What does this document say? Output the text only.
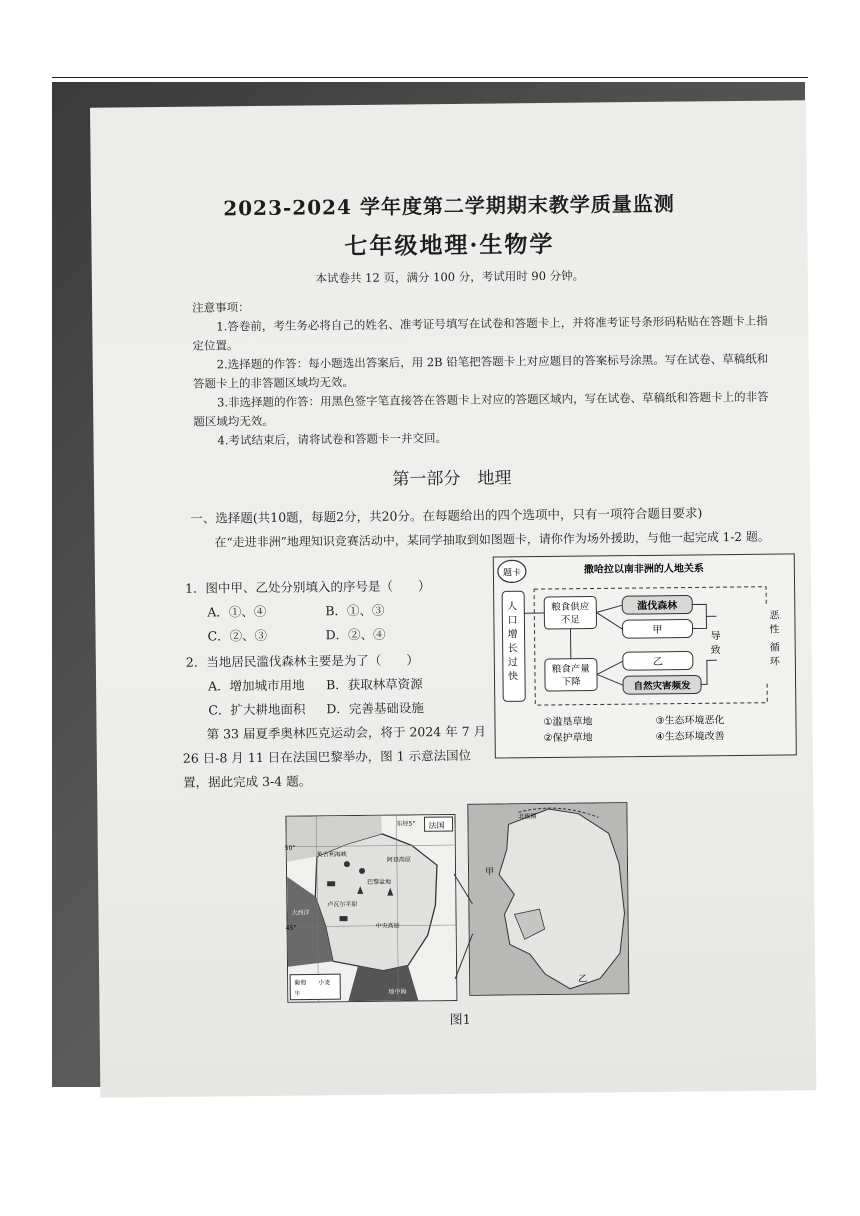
2023-2024 学年度第二学期期末教学质量监测
七年级地理·生物学
本试卷共 12 页，满分 100 分，考试用时 90 分钟。

注意事项：

1.答卷前，考生务必将自己的姓名、准考证号填写在试卷和答题卡上，并将准考证号条形码粘贴在答题卡上指定位置。

2.选择题的作答：每小题选出答案后，用 2B 铅笔把答题卡上对应题目的答案标号涂黑。写在试卷、草稿纸和答题卡上的非答题区域均无效。

3.非选择题的作答：用黑色签字笔直接答在答题卡上对应的答题区域内，写在试卷、草稿纸和答题卡上的非答题区域均无效。

4.考试结束后，请将试卷和答题卡一并交回。

第一部分　地理
一、选择题(共10题，每题2分，共20分。在每题给出的四个选项中，只有一项符合题目要求)

在“走进非洲”地理知识竞赛活动中，某同学抽取到如图题卡，请你作为场外援助，与他一起完成 1-2 题。

1．图中甲、乙处分别填入的序号是（　　）

A．①、④	B．①、③

C．②、③	D．②、④

2．当地居民滥伐森林主要是为了（　　）

A．增加城市用地 B．获取林草资源

C．扩大耕地面积 D．完善基础设施

第 33 届夏季奥林匹克运动会，将于 2024 年 7 月 26 日-8 月 11 日在法国巴黎举办，图 1 示意法国位置，据此完成 3-4 题。

题卡	撒哈拉以南非洲的人地关系
人口增长过快
粮食供应不足
滥伐森林
甲
乙
自然灾害频发
粮食产量下降
导致
恶性循环
①滥垦草地	③生态环境恶化
②保护草地	④生态环境改善
法国
东经5°
英吉利海峡
巴黎盆地
阿登高原
大西洋
卢瓦尔平原
中央高原
地中海
50°
45°
葡萄 小麦
牛
北极圈
甲
乙
图1
